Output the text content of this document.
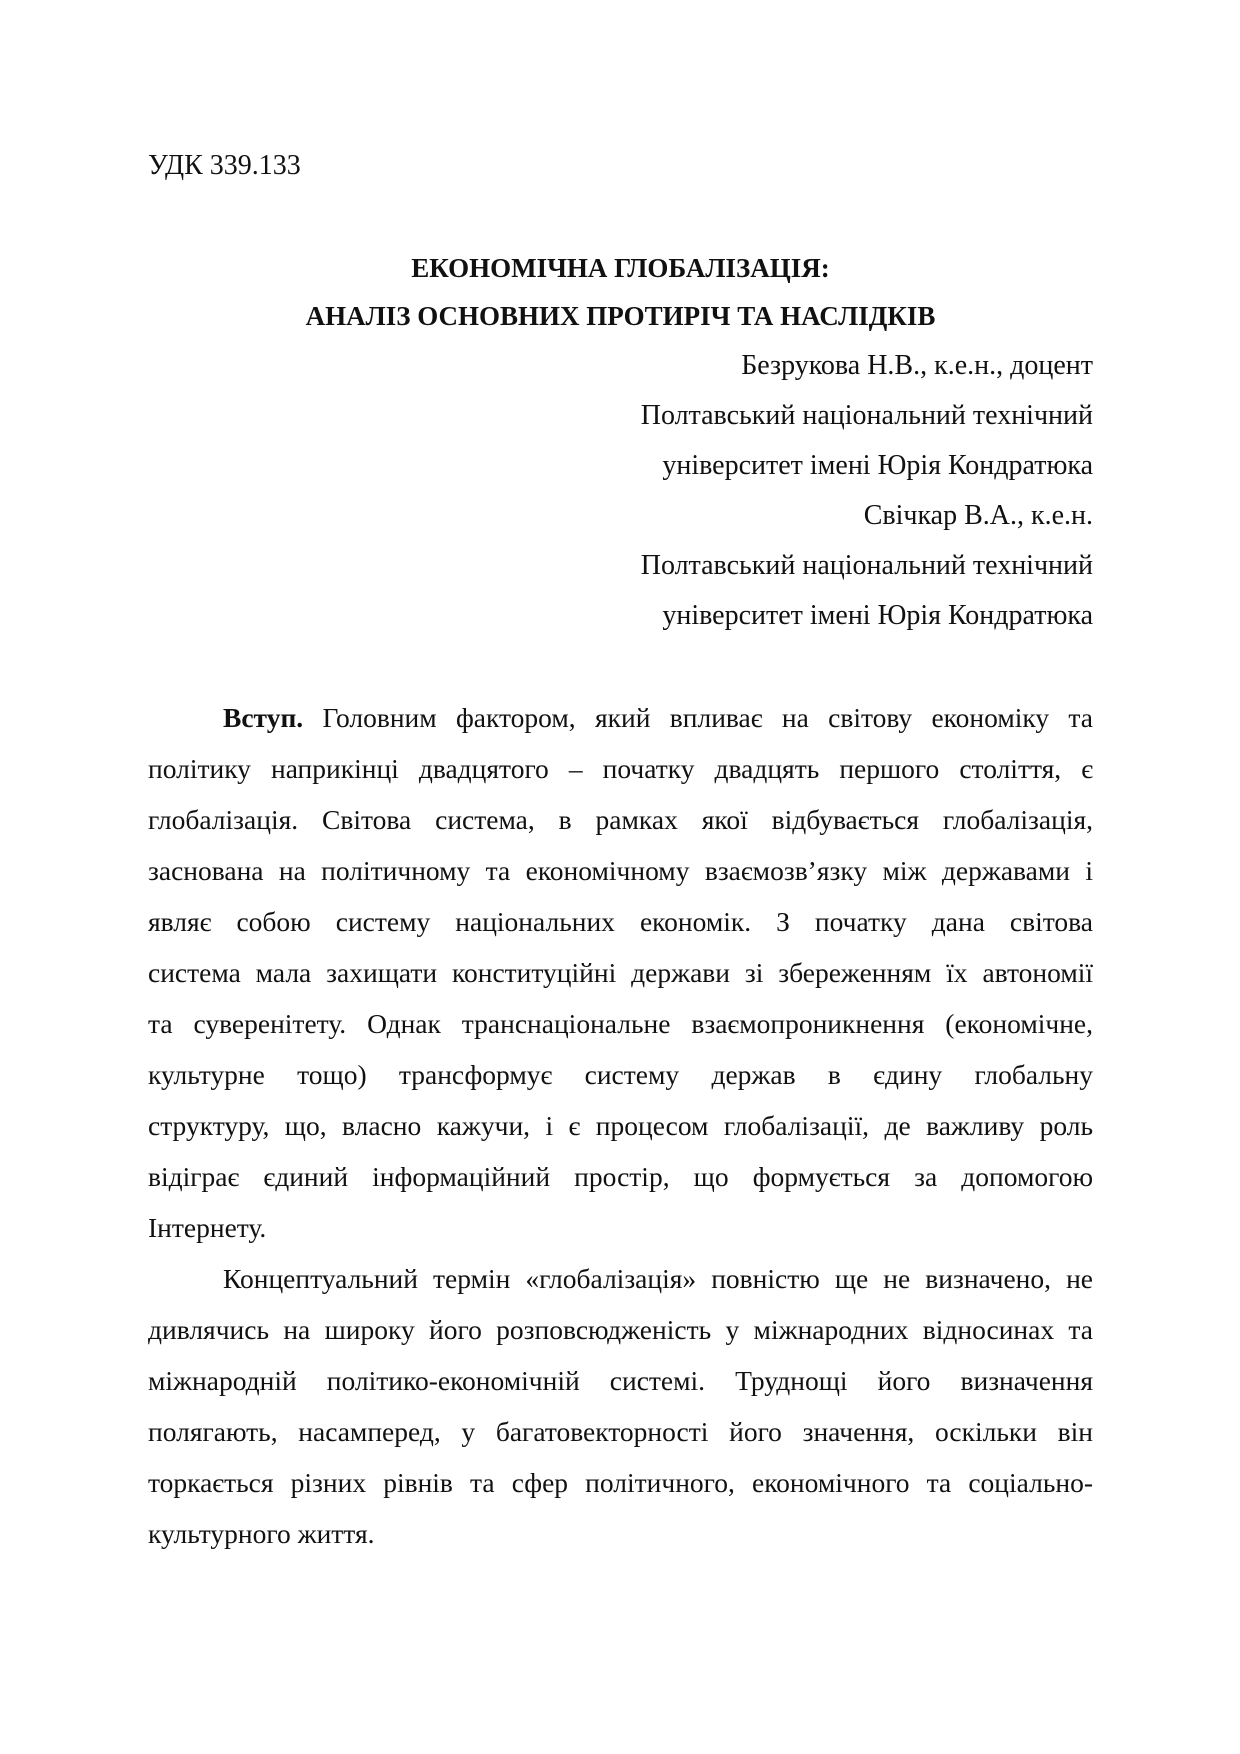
УДК 339.133
ЕКОНОМІЧНА ГЛОБАЛІЗАЦІЯ:
АНАЛІЗ ОСНОВНИХ ПРОТИРІЧ ТА НАСЛІДКІВ
Безрукова Н.В., к.е.н., доцент
Полтавський національний технічний
університет імені Юрія Кондратюка
Свічкар В.А., к.е.н.
Полтавський національний технічний
університет імені Юрія Кондратюка
Вступ. Головним фактором, який впливає на світову економіку та
політику наприкінці двадцятого – початку двадцять першого століття, є
глобалізація. Світова система, в рамках якої відбувається глобалізація,
заснована на політичному та економічному взаємозв’язку між державами і
являє собою систему національних економік. З початку дана світова
система мала захищати конституційні держави зі збереженням їх автономії
та суверенітету. Однак транснаціональне взаємопроникнення (економічне,
культурне тощо) трансформує систему держав в єдину глобальну
структуру, що, власно кажучи, і є процесом глобалізації, де важливу роль
відіграє єдиний інформаційний простір, що формується за допомогою
Інтернету.
Концептуальний термін «глобалізація» повністю ще не визначено, не
дивлячись на широку його розповсюдженість у міжнародних відносинах та
міжнародній політико-економічній системі. Труднощі його визначення
полягають, насамперед, у багатовекторності його значення, оскільки він
торкається різних рівнів та сфер політичного, економічного та соціально-
культурного життя.
